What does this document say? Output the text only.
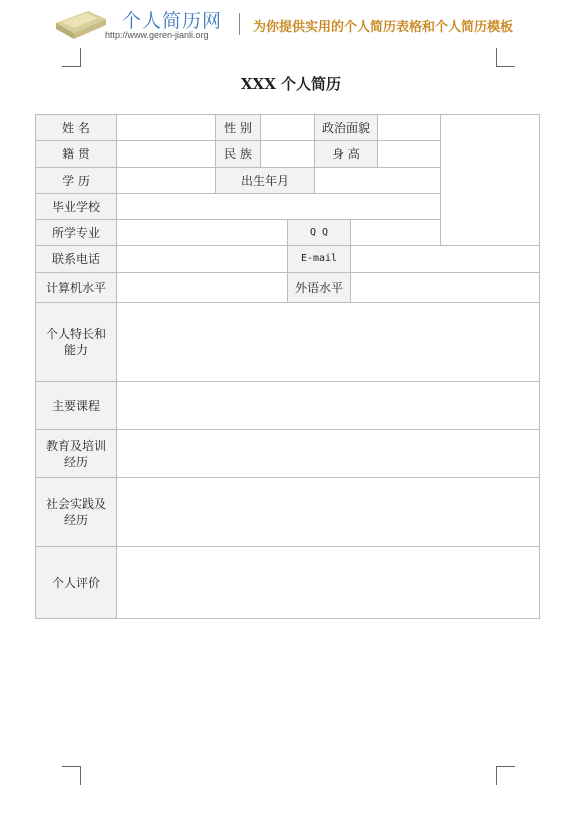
个人简历网
http://www.geren-jianli.org	为你提供实用的个人简历表格和个人简历模板
XXX 个人简历
姓 名	性 别	政治面貌
籍 贯	民 族	身 高
学 历	出生年月
毕业学校
所学专业	Q Q
联系电话	E-mail
计算机水平	外语水平
个人特长和能力
主要课程
教育及培训经历
社会实践及经历
个人评价
